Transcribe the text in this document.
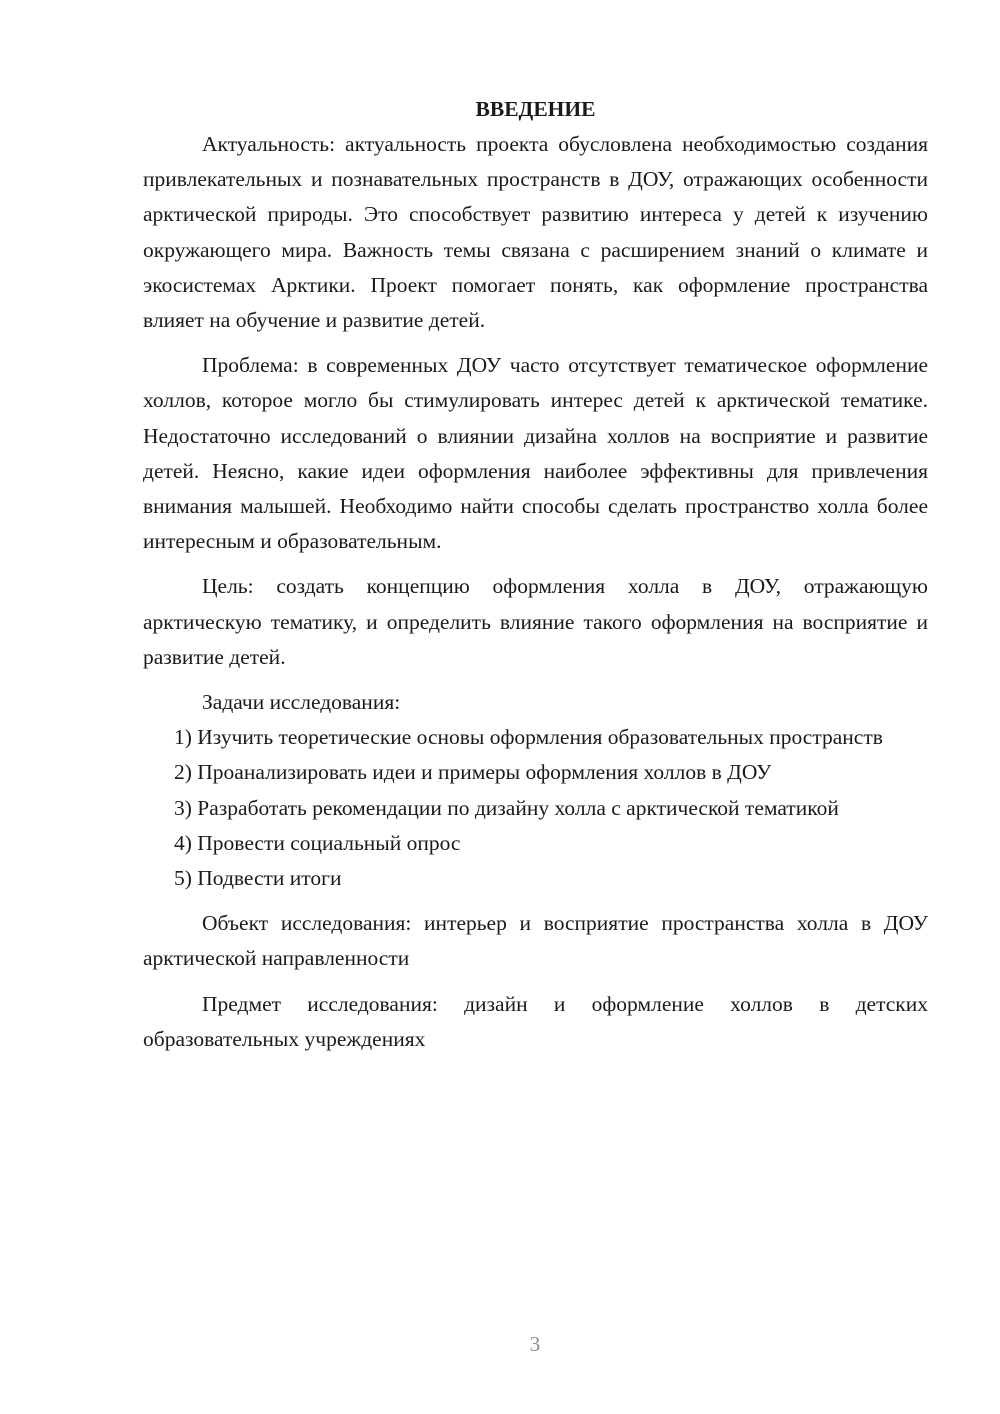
ВВЕДЕНИЕ

Актуальность: актуальность проекта обусловлена необходимостью создания привлекательных и познавательных пространств в ДОУ, отражающих особенности арктической природы. Это способствует развитию интереса у детей к изучению окружающего мира. Важность темы связана с расширением знаний о климате и экосистемах Арктики. Проект помогает понять, как оформление пространства влияет на обучение и развитие детей.

Проблема: в современных ДОУ часто отсутствует тематическое оформление холлов, которое могло бы стимулировать интерес детей к арктической тематике. Недостаточно исследований о влиянии дизайна холлов на восприятие и развитие детей. Неясно, какие идеи оформления наиболее эффективны для привлечения внимания малышей. Необходимо найти способы сделать пространство холла более интересным и образовательным.

Цель: создать концепцию оформления холла в ДОУ, отражающую арктическую тематику, и определить влияние такого оформления на восприятие и развитие детей.

Задачи исследования:

1) Изучить теоретические основы оформления образовательных пространств

2) Проанализировать идеи и примеры оформления холлов в ДОУ

3) Разработать рекомендации по дизайну холла с арктической тематикой

4) Провести социальный опрос

5) Подвести итоги

Объект исследования: интерьер и восприятие пространства холла в ДОУ арктической направленности

Предмет исследования: дизайн и оформление холлов в детских образовательных учреждениях

3
